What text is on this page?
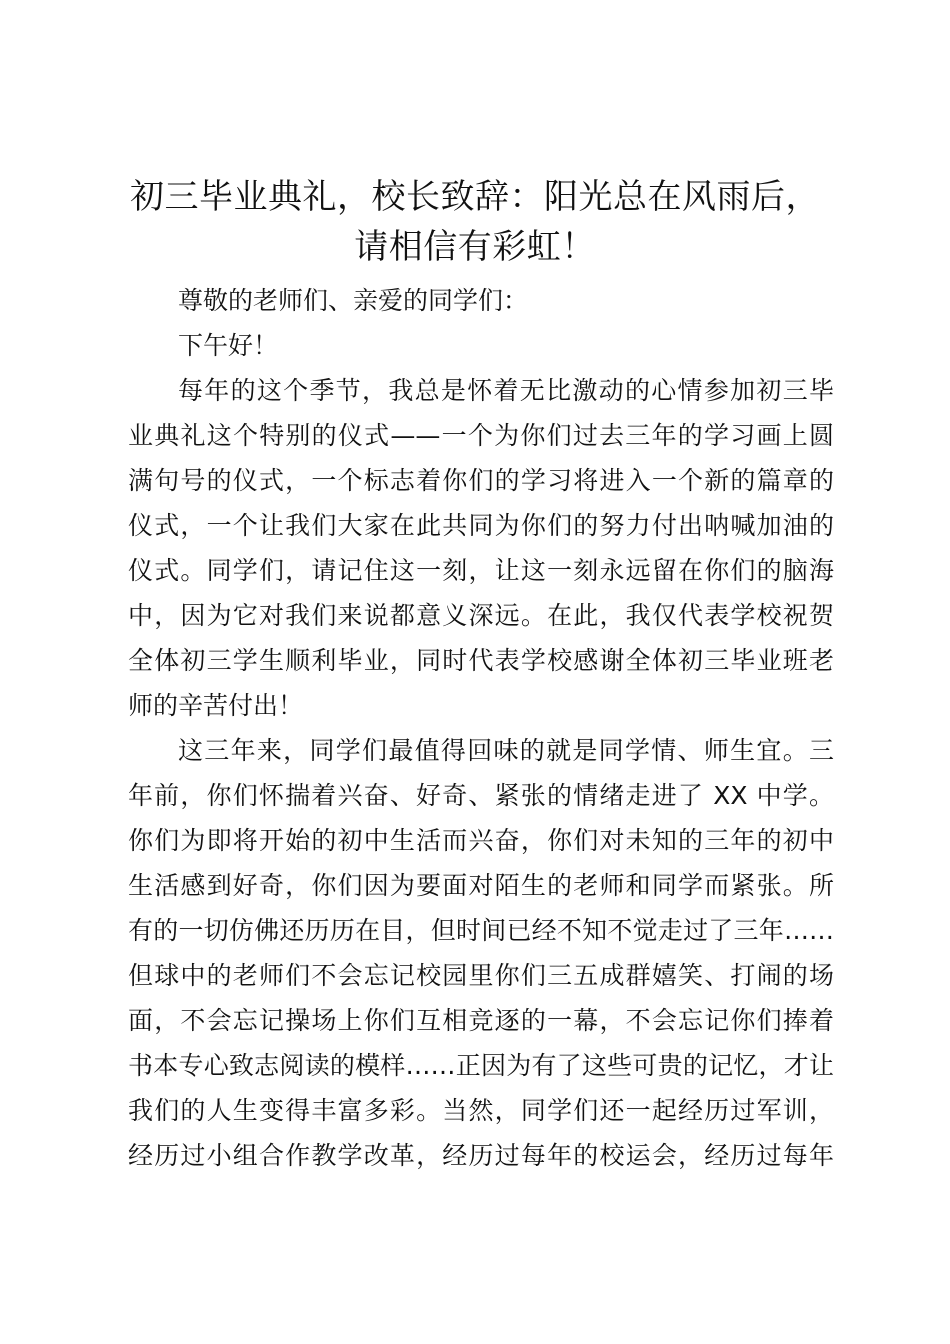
初三毕业典礼，校长致辞：阳光总在风雨后，
请相信有彩虹！

尊敬的老师们、亲爱的同学们：

下午好！

每年的这个季节，我总是怀着无比激动的心情参加初三毕
业典礼这个特别的仪式——一个为你们过去三年的学习画上圆
满句号的仪式，一个标志着你们的学习将进入一个新的篇章的
仪式，一个让我们大家在此共同为你们的努力付出呐喊加油的
仪式。同学们，请记住这一刻，让这一刻永远留在你们的脑海
中，因为它对我们来说都意义深远。在此，我仅代表学校祝贺
全体初三学生顺利毕业，同时代表学校感谢全体初三毕业班老
师的辛苦付出！

这三年来，同学们最值得回味的就是同学情、师生宜。三
年前，你们怀揣着兴奋、好奇、紧张的情绪走进了 XX 中学。
你们为即将开始的初中生活而兴奋，你们对未知的三年的初中
生活感到好奇，你们因为要面对陌生的老师和同学而紧张。所
有的一切仿佛还历历在目，但时间已经不知不觉走过了三年……
但球中的老师们不会忘记校园里你们三五成群嬉笑、打闹的场
面，不会忘记操场上你们互相竞逐的一幕，不会忘记你们捧着
书本专心致志阅读的模样……正因为有了这些可贵的记忆，才让
我们的人生变得丰富多彩。当然，同学们还一起经历过军训，
经历过小组合作教学改革，经历过每年的校运会，经历过每年
